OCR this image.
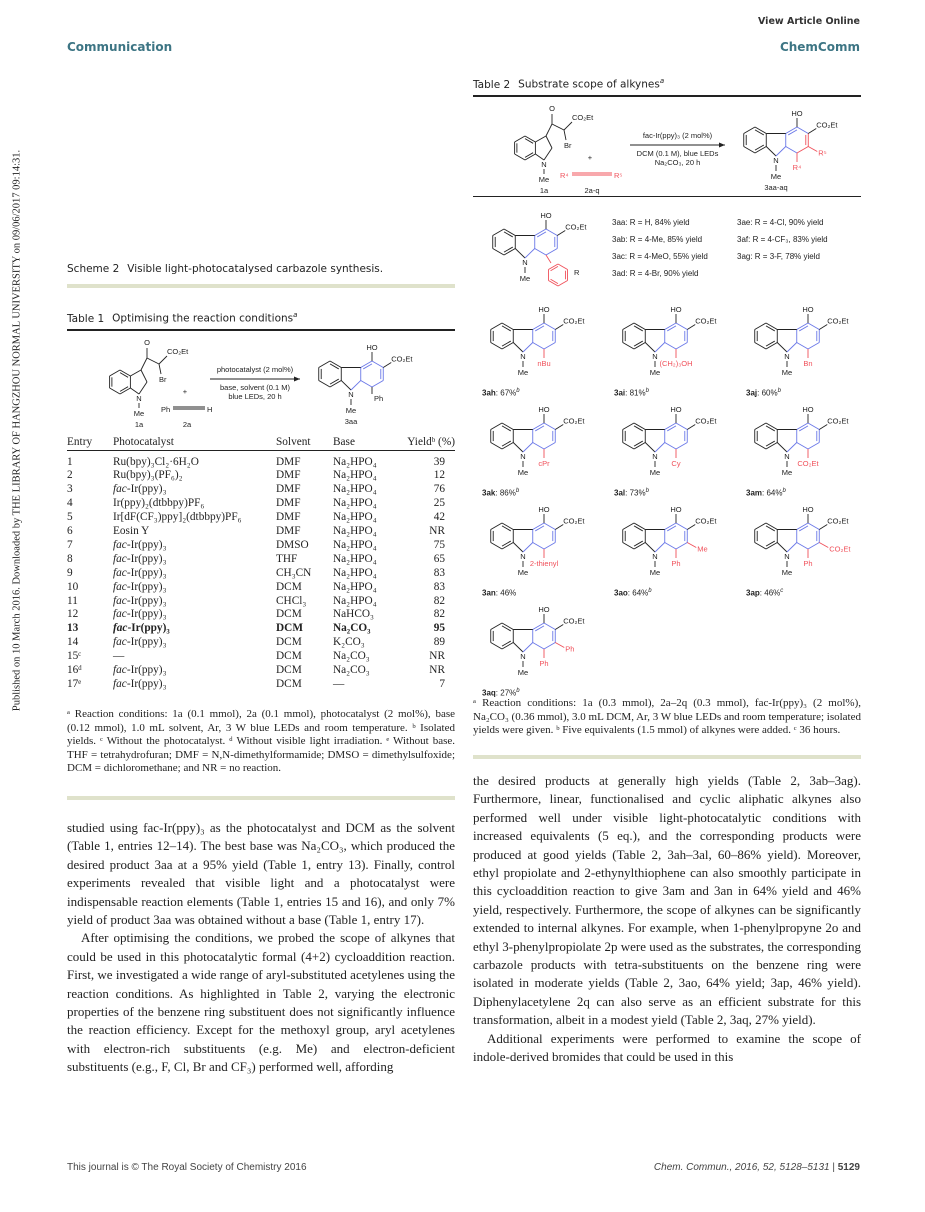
Published on 10 March 2016. Downloaded by THE LIBRARY OF HANGZHOU NORMAL UNIVERSITY on 09/06/2017 09:14:31.
View Article Online
Communication	ChemComm
Scheme 2 Visible light-photocatalysed carbazole synthesis.
Table 1 Optimising the reaction conditions$^a$
N
Me
O
CO₂Et
Br
1a
+
Ph	H
2a
photocatalyst (2 mol%)
base, solvent (0.1 M)
blue LEDs, 20 h	N
Me
HO
CO₂Et
Ph
3aa
Entry	Photocatalyst	Solvent	Base	Yieldᵇ (%)

1	Ru(bpy)₃Cl₂·6H₂O	DMF	Na₂HPO₄	39
2	Ru(bpy)₃(PF₆)₂	DMF	Na₂HPO₄	12
3	fac-Ir(ppy)₃	DMF	Na₂HPO₄	76
4	Ir(ppy)₂(dtbbpy)PF₆	DMF	Na₂HPO₄	25
5	Ir[dF(CF₃)ppy]₂(dtbbpy)PF₆	DMF	Na₂HPO₄	42
6	Eosin Y	DMF	Na₂HPO₄	NR
7	fac-Ir(ppy)₃	DMSO	Na₂HPO₄	75
8	fac-Ir(ppy)₃	THF	Na₂HPO₄	65
9	fac-Ir(ppy)₃	CH₃CN	Na₂HPO₄	83
10	fac-Ir(ppy)₃	DCM	Na₂HPO₄	83
11	fac-Ir(ppy)₃	CHCl₃	Na₂HPO₄	82
12	fac-Ir(ppy)₃	DCM	NaHCO₃	82
13	fac-Ir(ppy)₃	DCM	Na₂CO₃	95
14	fac-Ir(ppy)₃	DCM	K₂CO₃	89
15ᶜ	—	DCM	Na₂CO₃	NR
16ᵈ	fac-Ir(ppy)₃	DCM	Na₂CO₃	NR
17ᵉ	fac-Ir(ppy)₃	DCM	—	7
ᵃ Reaction conditions: 1a (0.1 mmol), 2a (0.1 mmol), photocatalyst (2 mol%), base (0.12 mmol), 1.0 mL solvent, Ar, 3 W blue LEDs and room temperature. ᵇ Isolated yields. ᶜ Without the photocatalyst. ᵈ Without visible light irradiation. ᵉ Without base. THF = tetrahydrofuran; DMF = N,N-dimethylformamide; DMSO = dimethylsulfoxide; DCM = dichloromethane; and NR = no reaction.

studied using fac-Ir(ppy)₃ as the photocatalyst and DCM as the solvent (Table 1, entries 12–14). The best base was Na₂CO₃, which produced the desired product 3aa at a 95% yield (Table 1, entry 13). Finally, control experiments revealed that visible light and a photocatalyst were indispensable reaction elements (Table 1, entries 15 and 16), and only 7% yield of product 3aa was obtained without a base (Table 1, entry 17).

After optimising the conditions, we probed the scope of alkynes that could be used in this photocatalytic formal (4+2) cycloaddition reaction. First, we investigated a wide range of aryl-substituted acetylenes using the reaction conditions. As highlighted in Table 2, varying the electronic properties of the benzene ring substituent does not significantly influence the reaction efficiency. Except for the methoxyl group, aryl acetylenes with electron-rich substituents (e.g. Me) and electron-deficient substituents (e.g., F, Cl, Br and CF₃) performed well, affording

Table 2 Substrate scope of alkynes$^a$
N
Me
O
CO₂Et
Br
1a
+
R⁴	R⁵
2a-q
fac-Ir(ppy)₃ (2 mol%)
DCM (0.1 M), blue LEDs
Na₂CO₃, 20 h	N
Me
HO
CO₂Et
R⁴
R⁵
3aa-aq
N
Me
HO
CO₂Et
R
3aa: R = H, 84% yield	3ae: R = 4-Cl, 90% yield
3ab: R = 4-Me, 85% yield	3af: R = 4-CF₃, 83% yield
3ac: R = 4-MeO, 55% yield	3ag: R = 3-F, 78% yield
3ad: R = 4-Br, 90% yield
N
Me
HO
CO₂Et
nBu
3ah: 67%$^b$
N
Me
HO
CO₂Et
(CH₂)₃OH
3ai: 81%$^b$
N
Me
HO
CO₂Et
Bn
3aj: 60%$^b$
N
Me
HO
CO₂Et
cPr
3ak: 86%$^b$
N
Me
HO
CO₂Et
Cy
3al: 73%$^b$
N
Me
HO
CO₂Et
CO₂Et
3am: 64%$^b$
N
Me
HO
CO₂Et
2-thienyl
3an: 46%
N
Me
HO
CO₂Et
Ph
Me
3ao: 64%$^b$
N
Me
HO
CO₂Et
Ph
CO₂Et
3ap: 46%$^c$
N
Me
HO
CO₂Et
Ph
Ph
3aq: 27%$^b$
ᵃ Reaction conditions: 1a (0.3 mmol), 2a–2q (0.3 mmol), fac-Ir(ppy)₃ (2 mol%), Na₂CO₃ (0.36 mmol), 3.0 mL DCM, Ar, 3 W blue LEDs and room temperature; isolated yields were given. ᵇ Five equivalents (1.5 mmol) of alkynes were added. ᶜ 36 hours.

the desired products at generally high yields (Table 2, 3ab–3ag). Furthermore, linear, functionalised and cyclic aliphatic alkynes also performed well under visible light-photocatalytic conditions with increased equivalents (5 eq.), and the corresponding products were produced at good yields (Table 2, 3ah–3al, 60–86% yield). Moreover, ethyl propiolate and 2-ethynylthiophene can also smoothly participate in this cycloaddition reaction to give 3am and 3an in 64% yield and 46% yield, respectively. Furthermore, the scope of alkynes can be significantly extended to internal alkynes. For example, when 1-phenylpropyne 2o and ethyl 3-phenylpropiolate 2p were used as the substrates, the corresponding carbazole products with tetra-substituents on the benzene ring were isolated in moderate yields (Table 2, 3ao, 64% yield; 3ap, 46% yield). Diphenylacetylene 2q can also serve as an efficient substrate for this transformation, albeit in a modest yield (Table 2, 3aq, 27% yield).

Additional experiments were performed to examine the scope of indole-derived bromides that could be used in this

This journal is © The Royal Society of Chemistry 2016	Chem. Commun., 2016, 52, 5128–5131 | 5129
